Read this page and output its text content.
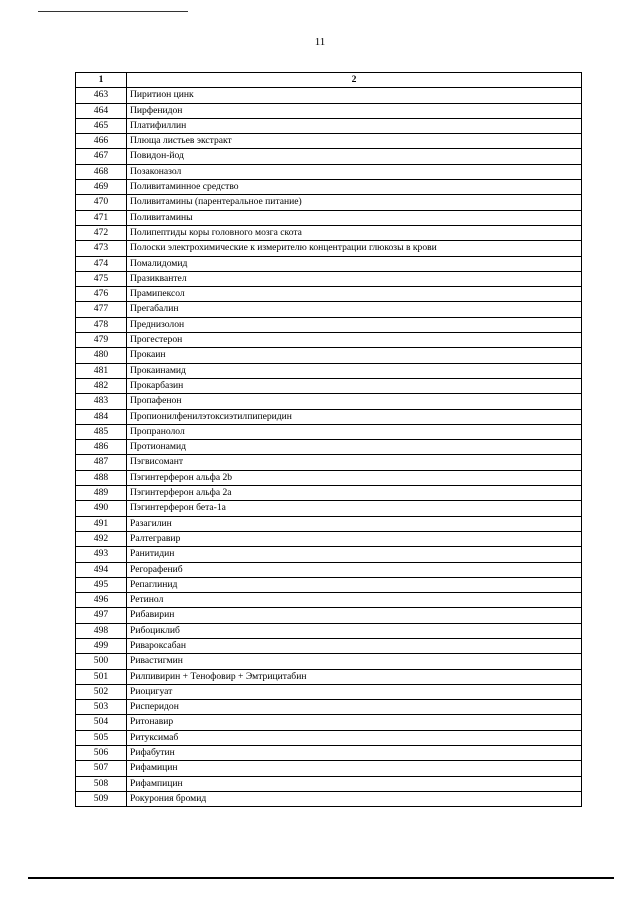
11
1	2
463	Пиритион цинк
464	Пирфенидон
465	Платифиллин
466	Плюща листьев экстракт
467	Повидон-йод
468	Позаконазол
469	Поливитаминное средство
470	Поливитамины (парентеральное питание)
471	Поливитамины
472	Полипептиды коры головного мозга скота
473	Полоски электрохимические к измерителю концентрации глюкозы в крови
474	Помалидомид
475	Празиквантел
476	Прамипексол
477	Прегабалин
478	Преднизолон
479	Прогестерон
480	Прокаин
481	Прокаинамид
482	Прокарбазин
483	Пропафенон
484	Пропионилфенилэтоксиэтилпиперидин
485	Пропранолол
486	Протионамид
487	Пэгвисомант
488	Пэгинтерферон альфа 2b
489	Пэгинтерферон альфа 2а
490	Пэгинтерферон бета-1а
491	Разагилин
492	Ралтегравир
493	Ранитидин
494	Регорафениб
495	Репаглинид
496	Ретинол
497	Рибавирин
498	Рибоциклиб
499	Ривароксабан
500	Ривастигмин
501	Рилпивирин + Тенофовир + Эмтрицитабин
502	Риоцигуат
503	Рисперидон
504	Ритонавир
505	Ритуксимаб
506	Рифабутин
507	Рифамицин
508	Рифампицин
509	Рокурония бромид
